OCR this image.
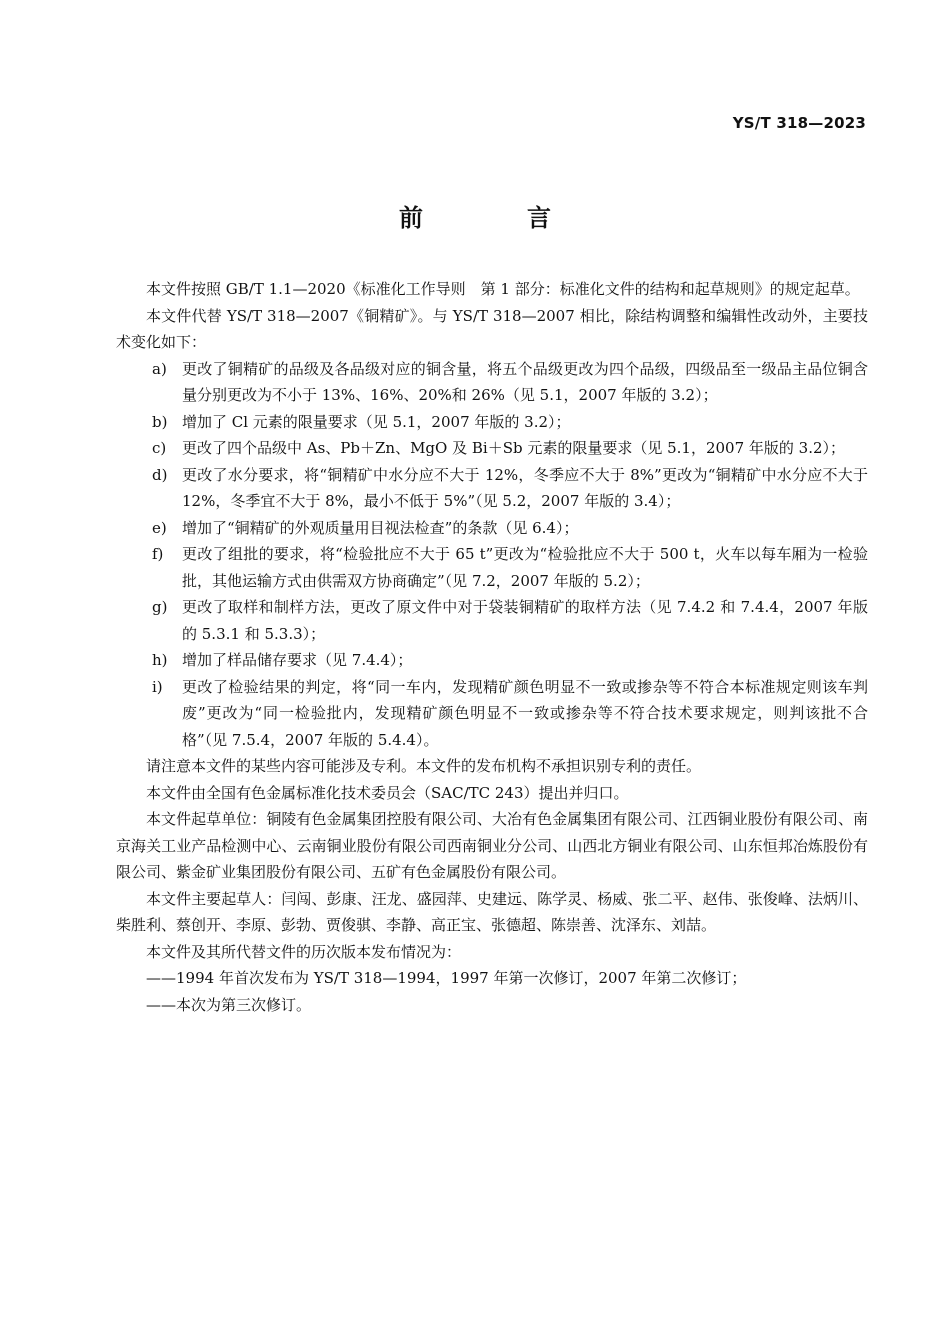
YS/T 318—2023
前　言

本文件按照 GB/T 1.1—2020《标准化工作导则　第 1 部分：标准化文件的结构和起草规则》的规定起草。

本文件代替 YS/T 318—2007《铜精矿》。与 YS/T 318—2007 相比，除结构调整和编辑性改动外，主要技术变化如下：

a) 更改了铜精矿的品级及各品级对应的铜含量，将五个品级更改为四个品级，四级品至一级品主品位铜含量分别更改为不小于 13%、16%、20%和 26%（见 5.1，2007 年版的 3.2）；
b) 增加了 Cl 元素的限量要求（见 5.1，2007 年版的 3.2）；
c) 更改了四个品级中 As、Pb＋Zn、MgO 及 Bi＋Sb 元素的限量要求（见 5.1，2007 年版的 3.2）；
d) 更改了水分要求，将“铜精矿中水分应不大于 12%，冬季应不大于 8%”更改为“铜精矿中水分应不大于 12%，冬季宜不大于 8%，最小不低于 5%”（见 5.2，2007 年版的 3.4）；
e) 增加了“铜精矿的外观质量用目视法检查”的条款（见 6.4）；
f) 更改了组批的要求，将“检验批应不大于 65 t”更改为“检验批应不大于 500 t，火车以每车厢为一检验批，其他运输方式由供需双方协商确定”（见 7.2，2007 年版的 5.2）；
g) 更改了取样和制样方法，更改了原文件中对于袋装铜精矿的取样方法（见 7.4.2 和 7.4.4，2007 年版的 5.3.1 和 5.3.3）；
h) 增加了样品储存要求（见 7.4.4）；
i) 更改了检验结果的判定，将“同一车内，发现精矿颜色明显不一致或掺杂等不符合本标准规定则该车判废”更改为“同一检验批内，发现精矿颜色明显不一致或掺杂等不符合技术要求规定，则判该批不合格”（见 7.5.4，2007 年版的 5.4.4）。

请注意本文件的某些内容可能涉及专利。本文件的发布机构不承担识别专利的责任。

本文件由全国有色金属标准化技术委员会（SAC/TC 243）提出并归口。

本文件起草单位：铜陵有色金属集团控股有限公司、大冶有色金属集团有限公司、江西铜业股份有限公司、南京海关工业产品检测中心、云南铜业股份有限公司西南铜业分公司、山西北方铜业有限公司、山东恒邦冶炼股份有限公司、紫金矿业集团股份有限公司、五矿有色金属股份有限公司。

本文件主要起草人：闫闯、彭康、汪龙、盛园萍、史建远、陈学灵、杨威、张二平、赵伟、张俊峰、法炳川、柴胜利、蔡创开、李原、彭勃、贾俊骐、李静、高正宝、张德超、陈崇善、沈泽东、刘喆。

本文件及其所代替文件的历次版本发布情况为：

——1994 年首次发布为 YS/T 318—1994，1997 年第一次修订，2007 年第二次修订；

——本次为第三次修订。
